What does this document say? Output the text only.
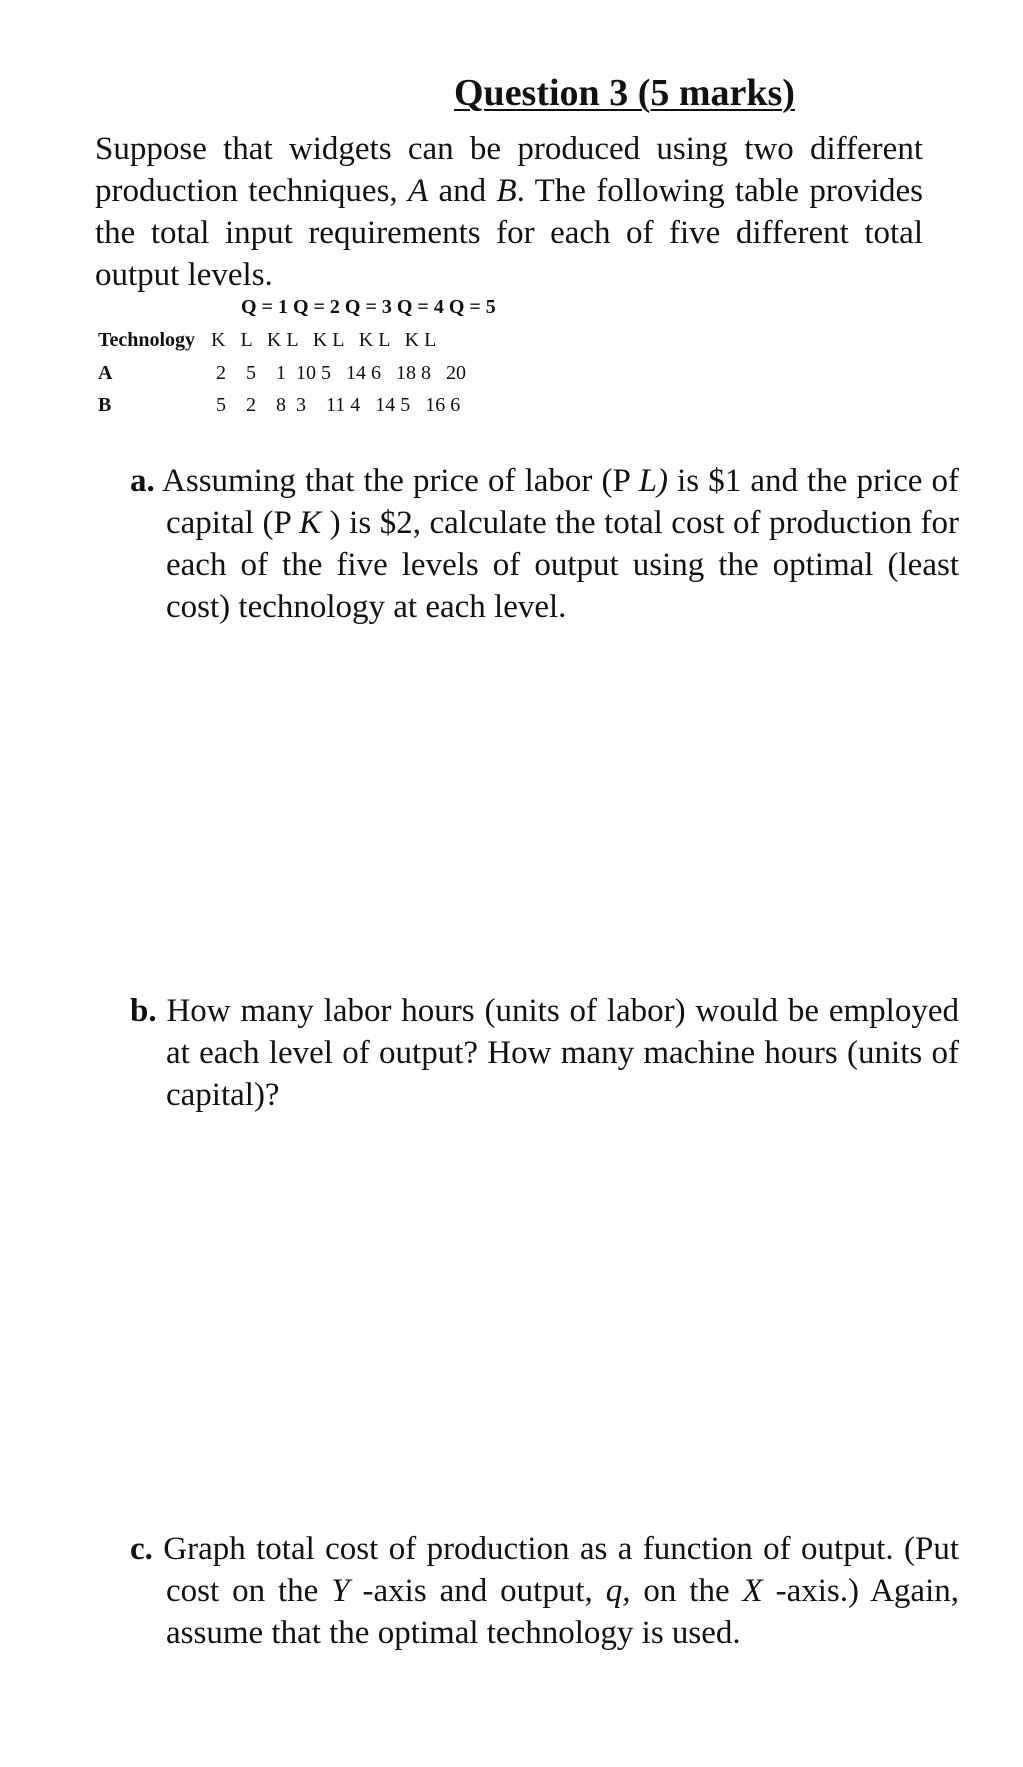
Question 3 (5 marks)

Suppose that widgets can be produced using two different production techniques, A and B. The following table provides the total input requirements for each of five different total output levels.

Q = 1 Q = 2 Q = 3 Q = 4 Q = 5
Technology K   L   K L   K L   K L   K L
A	2    5    1  10 5   14 6   18 8   20
B	5    2    8  3    11 4   14 5   16 6

a. Assuming that the price of labor (P L) is $1 and the price of capital (P K ) is $2, calculate the total cost of production for each of the five levels of output using the optimal (least cost) technology at each level.

b. How many labor hours (units of labor) would be employed at each level of output? How many machine hours (units of capital)?

c. Graph total cost of production as a function of output. (Put cost on the Y -axis and output, q, on the X -axis.) Again, assume that the optimal technology is used.
